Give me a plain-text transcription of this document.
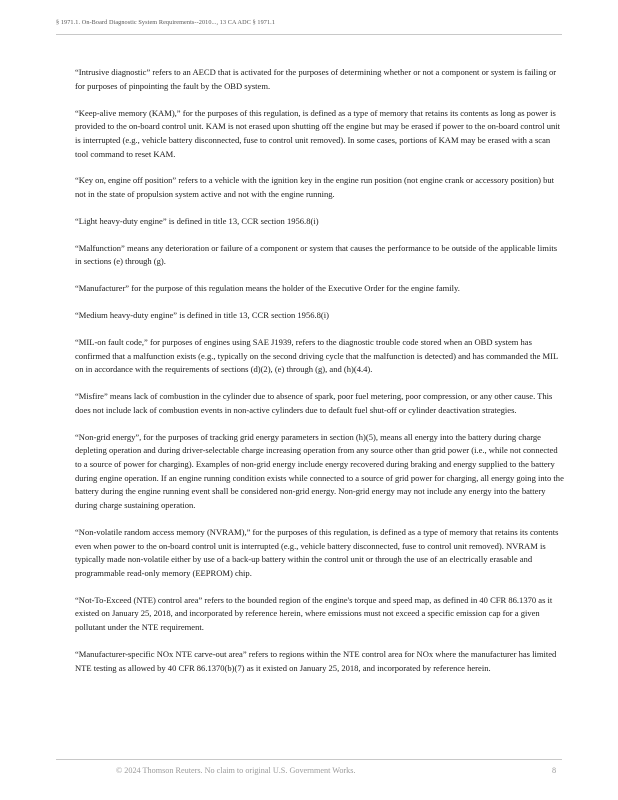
§ 1971.1. On-Board Diagnostic System Requirements--2010..., 13 CA ADC § 1971.1

“Intrusive diagnostic” refers to an AECD that is activated for the purposes of determining whether or not a component or system is failing or for purposes of pinpointing the fault by the OBD system.

“Keep-alive memory (KAM),” for the purposes of this regulation, is defined as a type of memory that retains its contents as long as power is provided to the on-board control unit. KAM is not erased upon shutting off the engine but may be erased if power to the on-board control unit is interrupted (e.g., vehicle battery disconnected, fuse to control unit removed). In some cases, portions of KAM may be erased with a scan tool command to reset KAM.

“Key on, engine off position” refers to a vehicle with the ignition key in the engine run position (not engine crank or accessory position) but not in the state of propulsion system active and not with the engine running.

“Light heavy-duty engine” is defined in title 13, CCR section 1956.8(i)

“Malfunction” means any deterioration or failure of a component or system that causes the performance to be outside of the applicable limits in sections (e) through (g).

“Manufacturer” for the purpose of this regulation means the holder of the Executive Order for the engine family.

“Medium heavy-duty engine” is defined in title 13, CCR section 1956.8(i)

“MIL-on fault code,” for purposes of engines using SAE J1939, refers to the diagnostic trouble code stored when an OBD system has confirmed that a malfunction exists (e.g., typically on the second driving cycle that the malfunction is detected) and has commanded the MIL on in accordance with the requirements of sections (d)(2), (e) through (g), and (h)(4.4).

“Misfire” means lack of combustion in the cylinder due to absence of spark, poor fuel metering, poor compression, or any other cause. This does not include lack of combustion events in non-active cylinders due to default fuel shut-off or cylinder deactivation strategies.

“Non-grid energy”, for the purposes of tracking grid energy parameters in section (h)(5), means all energy into the battery during charge depleting operation and during driver-selectable charge increasing operation from any source other than grid power (i.e., while not connected to a source of power for charging). Examples of non-grid energy include energy recovered during braking and energy supplied to the battery during engine operation. If an engine running condition exists while connected to a source of grid power for charging, all energy going into the battery during the engine running event shall be considered non-grid energy. Non-grid energy may not include any energy into the battery during charge sustaining operation.

“Non-volatile random access memory (NVRAM),” for the purposes of this regulation, is defined as a type of memory that retains its contents even when power to the on-board control unit is interrupted (e.g., vehicle battery disconnected, fuse to control unit removed). NVRAM is typically made non-volatile either by use of a back-up battery within the control unit or through the use of an electrically erasable and programmable read-only memory (EEPROM) chip.

“Not-To-Exceed (NTE) control area” refers to the bounded region of the engine's torque and speed map, as defined in 40 CFR 86.1370 as it existed on January 25, 2018, and incorporated by reference herein, where emissions must not exceed a specific emission cap for a given pollutant under the NTE requirement.

“Manufacturer-specific NOx NTE carve-out area” refers to regions within the NTE control area for NOx where the manufacturer has limited NTE testing as allowed by 40 CFR 86.1370(b)(7) as it existed on January 25, 2018, and incorporated by reference herein.

© 2024 Thomson Reuters. No claim to original U.S. Government Works.	8
